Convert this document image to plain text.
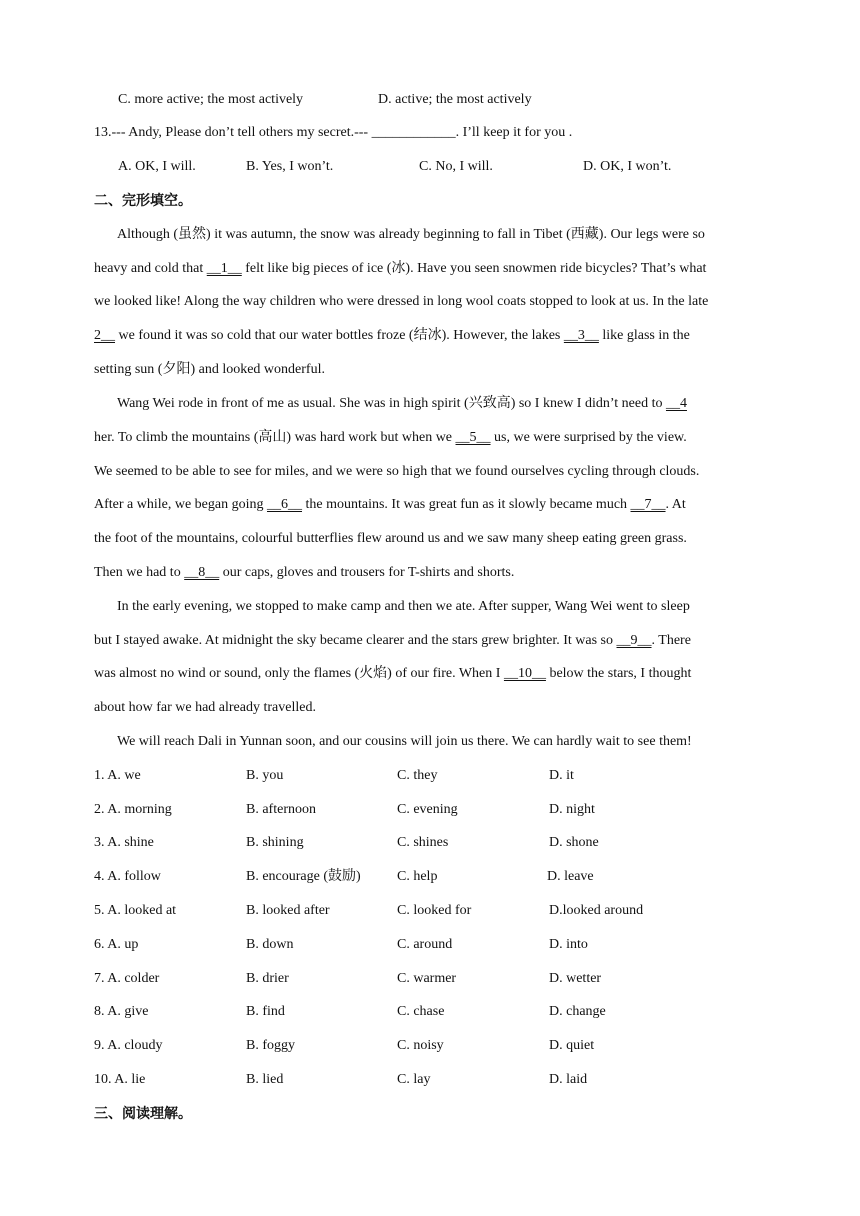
C. more active; the most actively	D. active; the most actively
13.--- Andy, Please don’t tell others my secret.--- ____________. I’ll keep it for you .
A. OK, I will.	B. Yes, I won’t.	C. No, I will.	D. OK, I won’t.
二、完形填空。
Although (虽然) it was autumn, the snow was already beginning to fall in Tibet (西藏). Our legs were so
heavy and cold that __1__ felt like big pieces of ice (冰). Have you seen snowmen ride bicycles? That’s what
we looked like! Along the way children who were dressed in long wool coats stopped to look at us. In the late
2__ we found it was so cold that our water bottles froze (结冰). However, the lakes __3__ like glass in the
setting sun (夕阳) and looked wonderful.
Wang Wei rode in front of me as usual. She was in high spirit (兴致高) so I knew I didn’t need to __4
her. To climb the mountains (高山) was hard work but when we __5__ us, we were surprised by the view.
We seemed to be able to see for miles, and we were so high that we found ourselves cycling through clouds.
After a while, we began going __6__ the mountains. It was great fun as it slowly became much __7__. At
the foot of the mountains, colourful butterflies flew around us and we saw many sheep eating green grass.
Then we had to __8__ our caps, gloves and trousers for T-shirts and shorts.
In the early evening, we stopped to make camp and then we ate. After supper, Wang Wei went to sleep
but I stayed awake. At midnight the sky became clearer and the stars grew brighter. It was so __9__. There
was almost no wind or sound, only the flames (火焰) of our fire. When I __10__ below the stars, I thought
about how far we had already travelled.
We will reach Dali in Yunnan soon, and our cousins will join us there. We can hardly wait to see them!
1. A. we	B. you	C. they	D. it
2. A. morning	B. afternoon	C. evening	D. night
3. A. shine	B. shining	C. shines	D. shone
4. A. follow	B. encourage (鼓励)	C. help	D. leave
5. A. looked at	B. looked after	C. looked for	D.looked around
6. A. up	B. down	C. around	D. into
7. A. colder	B. drier	C. warmer	D. wetter
8. A. give	B. find	C. chase	D. change
9. A. cloudy	B. foggy	C. noisy	D. quiet
10. A. lie	B. lied	C. lay	D. laid
三、阅读理解。
